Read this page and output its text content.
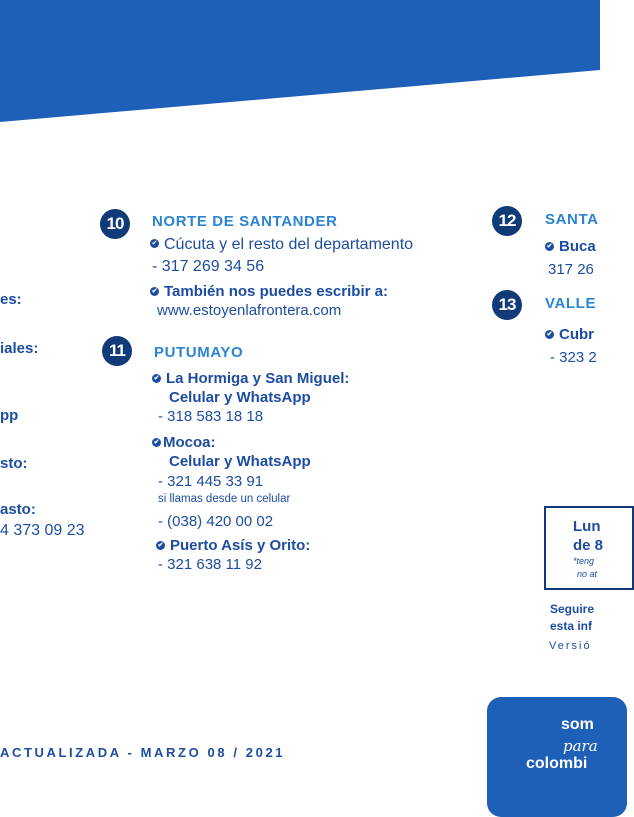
es:
iales:
pp
sto:
asto:
4 373 09 23
10	NORTE DE SANTANDER
✔ Cúcuta y el resto del departamento
- 317 269 34 56
✔ También nos puedes escribir a:
www.estoyenlafrontera.com
11	PUTUMAYO
✔ La Hormiga y San Miguel:
Celular y WhatsApp
- 318 583 18 18
✔ Mocoa:
Celular y WhatsApp
- 321 445 33 91
si llamas desde un celular
- (038) 420 00 02
✔ Puerto Asís y Orito:
- 321 638 11 92
12	SANTA
✔ Buca
317 26
13	VALLE
✔ Cubr
- 323 2
Lun
de 8
*teng
no at
Seguire
esta inf
Versió
ACTUALIZADA - MARZO 08 / 2021
som
para
colombi
